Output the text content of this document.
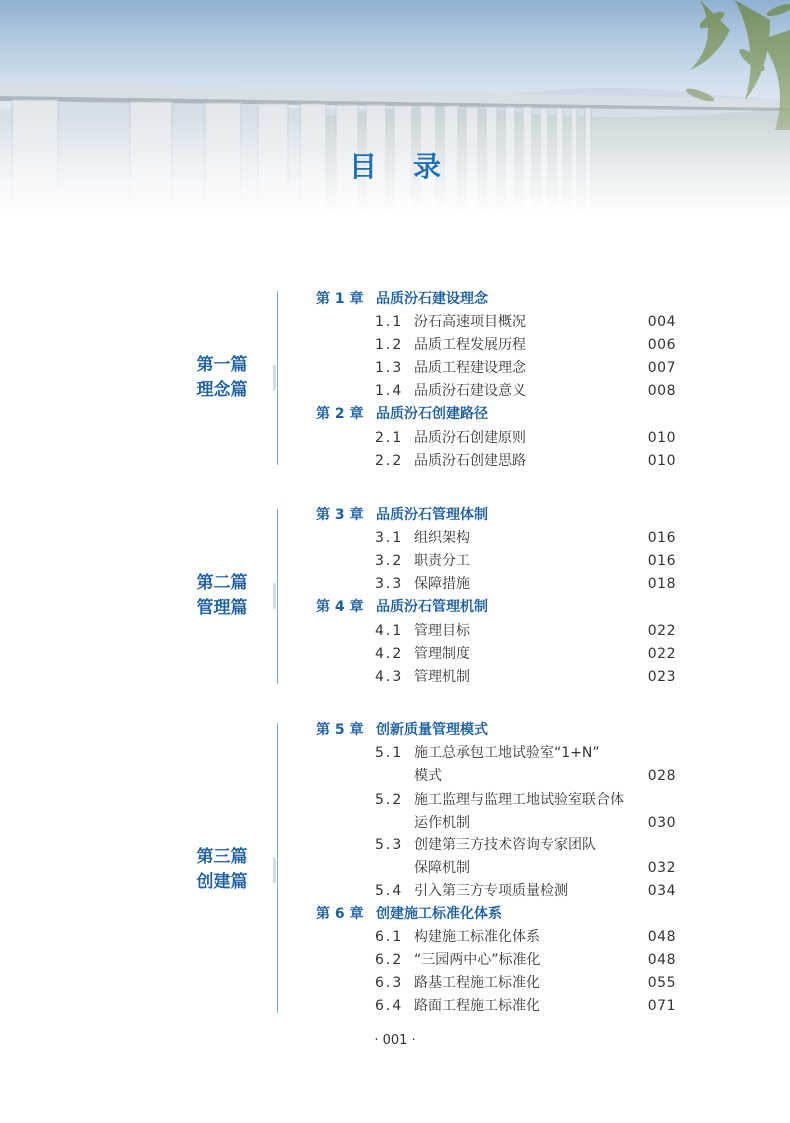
目录
第一篇
理念篇
第 1 章 品质汾石建设理念
1.1 汾石高速项目概况	004
1.2 品质工程发展历程	006
1.3 品质工程建设理念	007
1.4 品质汾石建设意义	008
第 2 章 品质汾石创建路径
2.1 品质汾石创建原则	010
2.2 品质汾石创建思路	010
第二篇
管理篇
第 3 章 品质汾石管理体制
3.1 组织架构	016
3.2 职责分工	016
3.3 保障措施	018
第 4 章 品质汾石管理机制
4.1 管理目标	022
4.2 管理制度	022
4.3 管理机制	023
第三篇
创建篇
第 5 章 创新质量管理模式
5.1 施工总承包工地试验室“1+N”
模式	028
5.2 施工监理与监理工地试验室联合体
运作机制	030
5.3 创建第三方技术咨询专家团队
保障机制	032
5.4 引入第三方专项质量检测	034
第 6 章 创建施工标准化体系
6.1 构建施工标准化体系	048
6.2 “三园两中心”标准化	048
6.3 路基工程施工标准化	055
6.4 路面工程施工标准化	071
· 001 ·
